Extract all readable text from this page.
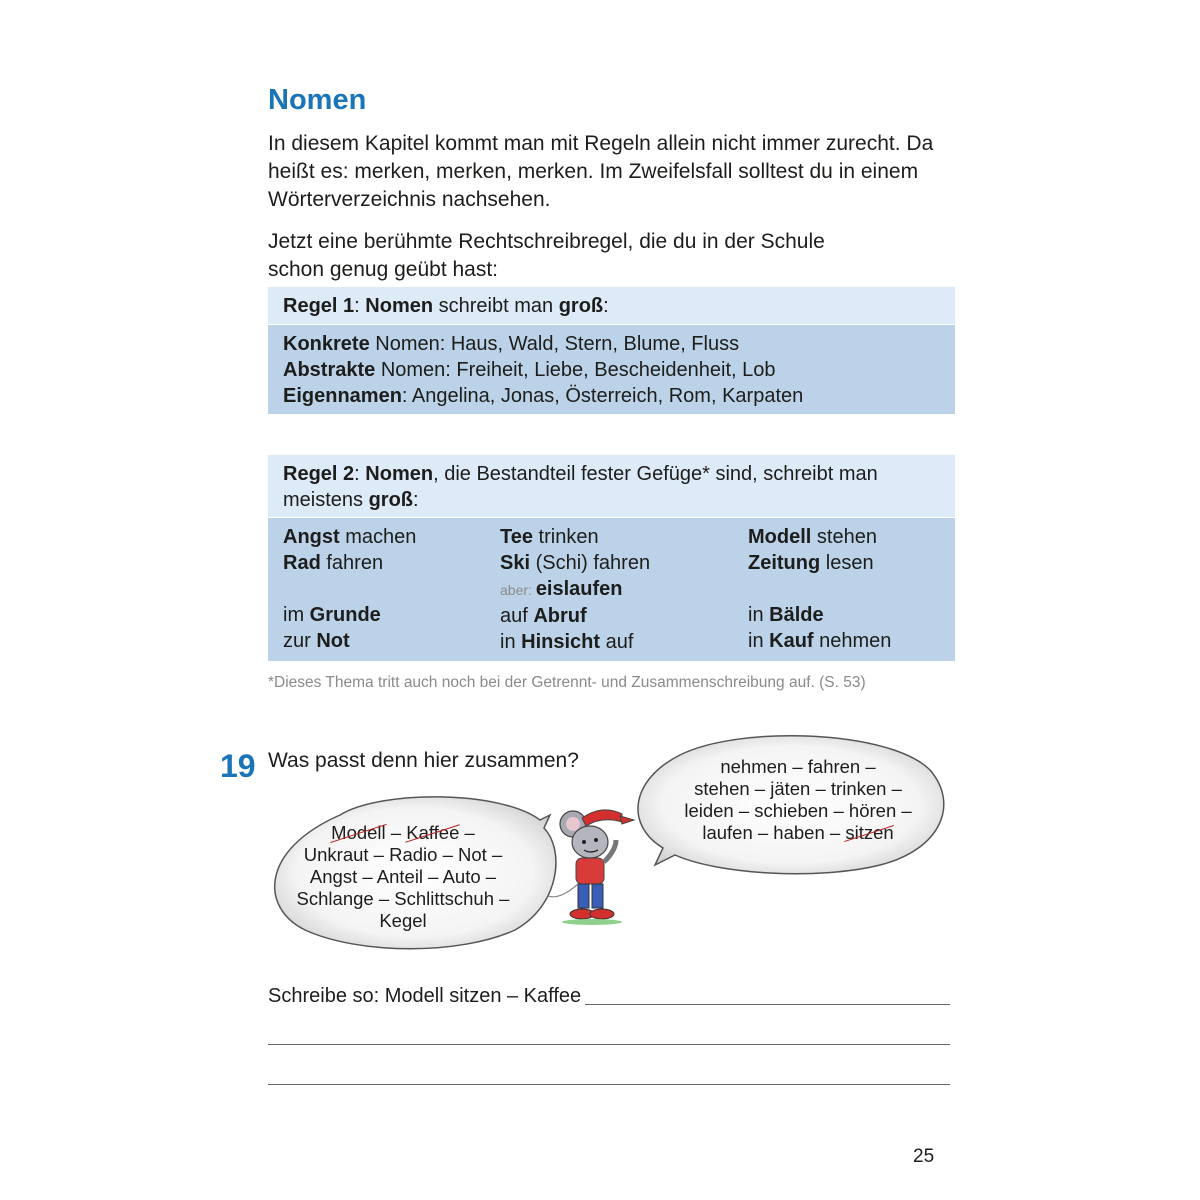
Nomen
In diesem Kapitel kommt man mit Regeln allein nicht immer zurecht. Da heißt es: merken, merken, merken. Im Zweifelsfall solltest du in einem Wörterverzeichnis nachsehen.
Jetzt eine berühmte Rechtschreibregel, die du in der Schule
schon genug geübt hast:
Regel 1: Nomen schreibt man groß:
Konkrete Nomen: Haus, Wald, Stern, Blume, Fluss
Abstrakte Nomen: Freiheit, Liebe, Bescheidenheit, Lob
Eigennamen: Angelina, Jonas, Österreich, Rom, Karpaten
Regel 2: Nomen, die Bestandteil fester Gefüge* sind, schreibt man
meistens groß:
Angst machen
Rad fahren

im Grunde
zur Not
Tee trinken
Ski (Schi) fahren
aber: eislaufen
auf Abruf
in Hinsicht auf
Modell stehen
Zeitung lesen

in Bälde
in Kauf nehmen
*Dieses Thema tritt auch noch bei der Getrennt- und Zusammenschreibung auf. (S. 53)
19 Was passt denn hier zusammen?
Modell – Kaffee –
Unkraut – Radio – Not –
Angst – Anteil – Auto –
Schlange – Schlittschuh –
Kegel
nehmen – fahren –
stehen – jäten – trinken –
leiden – schieben – hören –
laufen – haben – sitzen
Schreibe so: Modell sitzen – Kaffee
25
